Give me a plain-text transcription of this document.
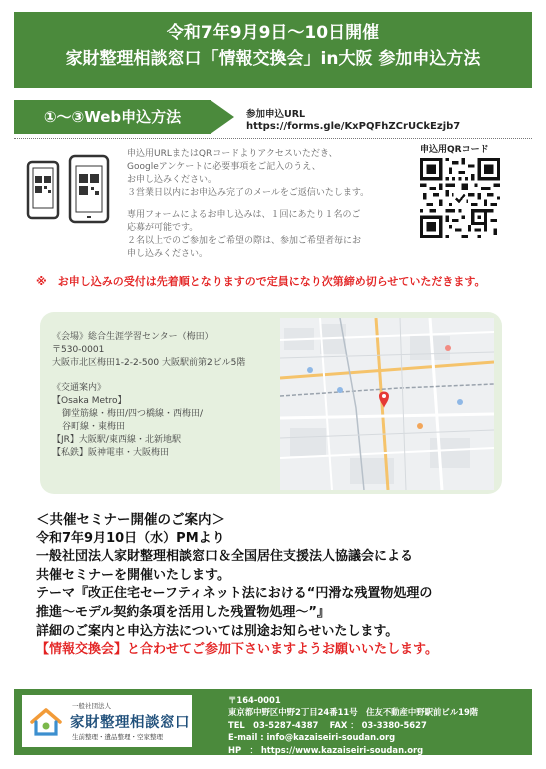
令和7年9月9日～10日開催
家財整理相談窓口「情報交換会」in大阪 参加申込方法
①～③Web申込方法	参加申込URL
https://forms.gle/KxPQFhZCrUCkEzjb7
申込用QRコード

申込用URLまたはQRコードよりアクセスいただき、

Googleアンケートに必要事項をご記入のうえ、

お申し込みください。

３営業日以内にお申込み完了のメールをご返信いたします。

専用フォームによるお申し込みは、１回にあたり１名のご

応募が可能です。

２名以上でのご参加をご希望の際は、参加ご希望者毎にお

申し込みください。

※　お申し込みの受付は先着順となりますので定員になり次第締め切らせていただきます。

《会場》総合生涯学習センター（梅田）

〒530-0001

大阪市北区梅田1-2-2-500 大阪駅前第2ビル5階

《交通案内》

【Osaka Metro】

御堂筋線・梅田/四つ橋線・西梅田/

谷町線・東梅田

【JR】大阪駅/東西線・北新地駅

【私鉄】阪神電車・大阪梅田

＜共催セミナー開催のご案内＞

令和7年9月10日（水）PMより

一般社団法人家財整理相談窓口＆全国居住支援法人協議会による

共催セミナーを開催いたします。

テーマ『改正住宅セーフティネット法における“円滑な残置物処理の

推進～モデル契約条項を活用した残置物処理～”』

詳細のご案内と申込方法については別途お知らせいたします。

【情報交換会】と合わせてご参加下さいますようお願いいたします。

一般社団法人
家財整理相談窓口
生前整理・遺品整理・空家整理

〒164-0001

東京都中野区中野2丁目24番11号　住友不動産中野駅前ビル19階

TEL　03-5287-4387　 FAX ： 03-3380-5627

E-mail : info@kazaiseiri-soudan.org

HP　： https://www.kazaiseiri-soudan.org
